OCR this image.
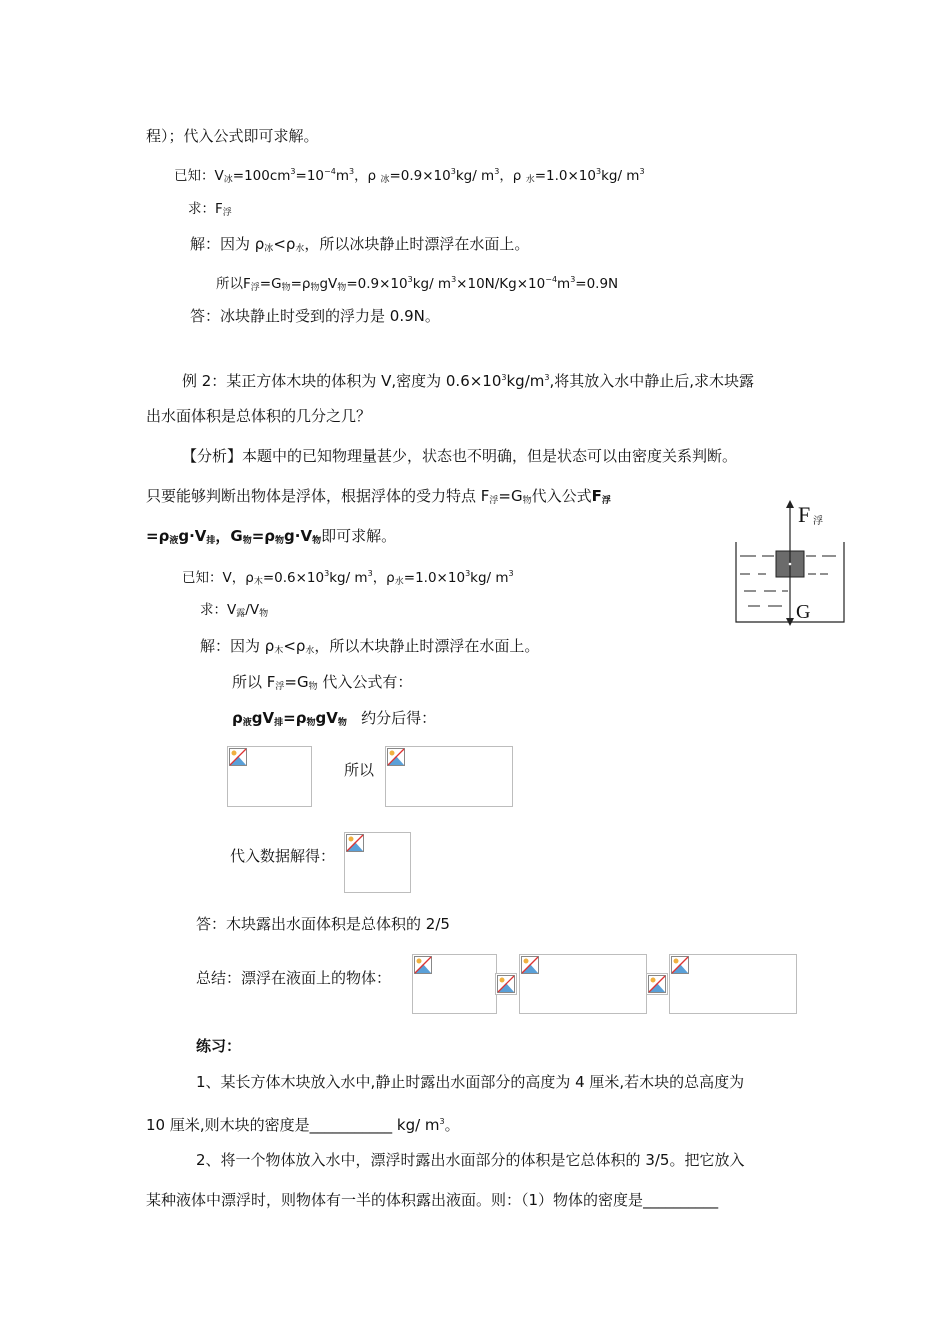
程）；代入公式即可求解。
已知：$V_冰=100cm^3=10^{-4}m^3$，ρ $_冰=0.9\times 10^3kg/$ $m^3$，ρ $_水=1.0\times 10^3kg/$ $m^3$
求：$F_浮$
解：因为 $\rho_冰<\rho_水$，所以冰块静止时漂浮在水面上。
所以$F_浮=G_物=\rho_物gV_物=0.9\times 10^3kg/$ $m^3\times 10N/Kg\times 10^{-4}m^3=0.9N$
答：冰块静止时受到的浮力是 0.9N。
例 2：某正方体木块的体积为 V,密度为 $0.6\times 10^3kg/m^3$,将其放入水中静止后,求木块露
出水面体积是总体积的几分之几？
【分析】本题中的已知物理量甚少，状态也不明确，但是状态可以由密度关系判断。
只要能够判断出物体是浮体，根据浮体的受力特点 $F_浮=G_物$代入公式$F_浮$
$=\rho_液g\cdot V_排$，$G_物=\rho_物g\cdot V_物$即可求解。
F 浮
G
已知：V，$\rho_木=0.6\times 10^3kg/$ $m^3$，$\rho_水=1.0\times 10^3kg/$ $m^3$
求：$V_露/V_物$
解：因为 $\rho_木<\rho_水$，所以木块静止时漂浮在水面上。
所以 $F_浮=G_物$ 代入公式有：
$\rho_液gV_排=\rho_物gV_物$ 约分后得：
所以
代入数据解得：
答：木块露出水面体积是总体积的 2/5
总结：漂浮在液面上的物体：
练习：
1、某长方体木块放入水中,静止时露出水面部分的高度为 4 厘米,若木块的总高度为
10 厘米,则木块的密度是___________ kg/ $m^3$。
2、将一个物体放入水中，漂浮时露出水面部分的体积是它总体积的 3/5。把它放入
某种液体中漂浮时，则物体有一半的体积露出液面。则：（1）物体的密度是__________
